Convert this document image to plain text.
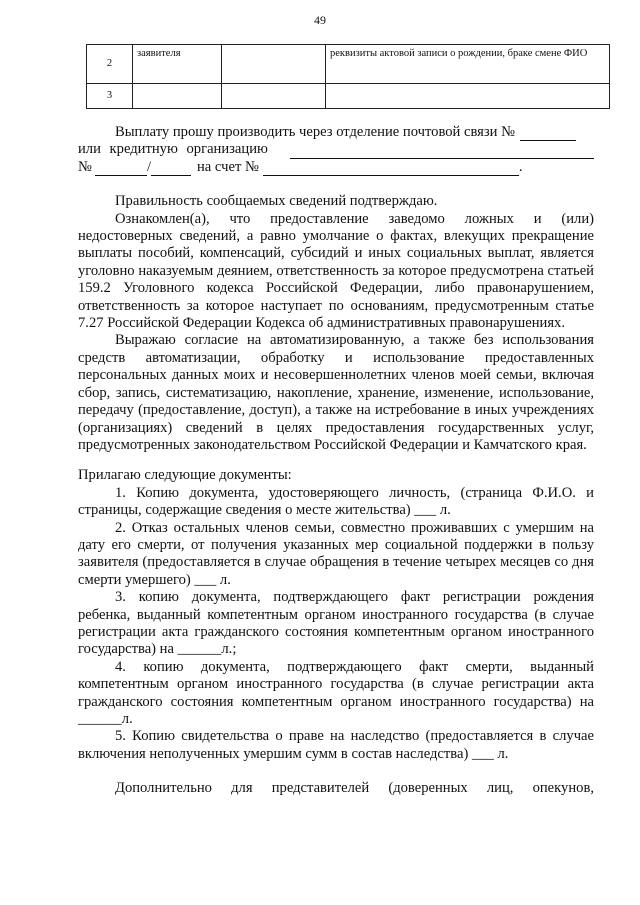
49
2	заявителя		реквизиты актовой записи о рождении, браке смене ФИО
3			

Выплату прошу производить через отделение почтовой связи №

или кредитную организацию

№	/	на счет №	.

Правильность сообщаемых сведений подтверждаю.

Ознакомлен(а), что предоставление заведомо ложных и (или) недостоверных сведений, а равно умолчание о фактах, влекущих прекращение выплаты пособий, компенсаций, субсидий и иных социальных выплат, является уголовно наказуемым деянием, ответственность за которое предусмотрена статьей 159.2 Уголовного кодекса Российской Федерации, либо правонарушением, ответственность за которое наступает по основаниям, предусмотренным статье 7.27 Российской Федерации Кодекса об административных правонарушениях.

Выражаю согласие на автоматизированную, а также без использования средств автоматизации, обработку и использование предоставленных персональных данных моих и несовершеннолетних членов моей семьи, включая сбор, запись, систематизацию, накопление, хранение, изменение, использование, передачу (предоставление, доступ), а также на истребование в иных учреждениях (организациях) сведений в целях предоставления государственных услуг, предусмотренных законодательством Российской Федерации и Камчатского края.

Прилагаю следующие документы:

1. Копию документа, удостоверяющего личность, (страница Ф.И.О. и страницы, содержащие сведения о месте жительства) ___ л.

2. Отказ остальных членов семьи, совместно проживавших с умершим на дату его смерти, от получения указанных мер социальной поддержки в пользу заявителя (предоставляется в случае обращения в течение четырех месяцев со дня смерти умершего) ___ л.

3. копию документа, подтверждающего факт регистрации рождения ребенка, выданный компетентным органом иностранного государства (в случае регистрации акта гражданского состояния компетентным органом иностранного государства) на ______л.;

4. копию документа, подтверждающего факт смерти, выданный компетентным органом иностранного государства (в случае регистрации акта гражданского состояния компетентным органом иностранного государства) на ______л.

5. Копию свидетельства о праве на наследство (предоставляется в случае включения неполученных умершим сумм в состав наследства) ___ л.

Дополнительно для представителей (доверенных лиц, опекунов,
